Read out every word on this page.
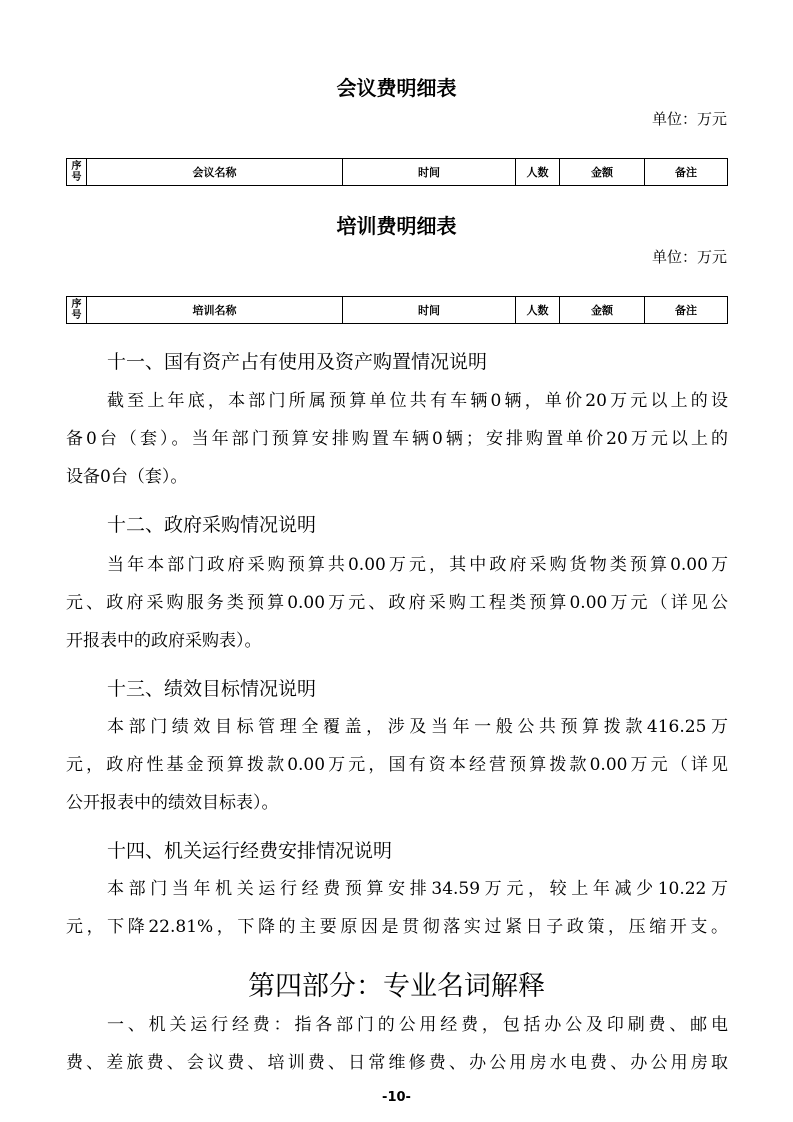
会议费明细表
单位：万元
序号	会议名称	时间	人数	金额	备注
培训费明细表
单位：万元
序号	培训名称	时间	人数	金额	备注
十一、国有资产占有使用及资产购置情况说明
截至上年底，本部门所属预算单位共有车辆0辆，单价20万元以上的设
备0台（套）。当年部门预算安排购置车辆0辆；安排购置单价20万元以上的
设备0台（套）。
十二、政府采购情况说明
当年本部门政府采购预算共0.00万元，其中政府采购货物类预算0.00万
元、政府采购服务类预算0.00万元、政府采购工程类预算0.00万元（详见公
开报表中的政府采购表）。
十三、绩效目标情况说明
本部门绩效目标管理全覆盖，涉及当年一般公共预算拨款416.25万
元，政府性基金预算拨款0.00万元，国有资本经营预算拨款0.00万元（详见
公开报表中的绩效目标表）。
十四、机关运行经费安排情况说明
本部门当年机关运行经费预算安排34.59万元，较上年减少10.22万
元，下降22.81%，下降的主要原因是贯彻落实过紧日子政策，压缩开支。
第四部分：专业名词解释
一、机关运行经费：指各部门的公用经费，包括办公及印刷费、邮电
费、差旅费、会议费、培训费、日常维修费、办公用房水电费、办公用房取
-10-
